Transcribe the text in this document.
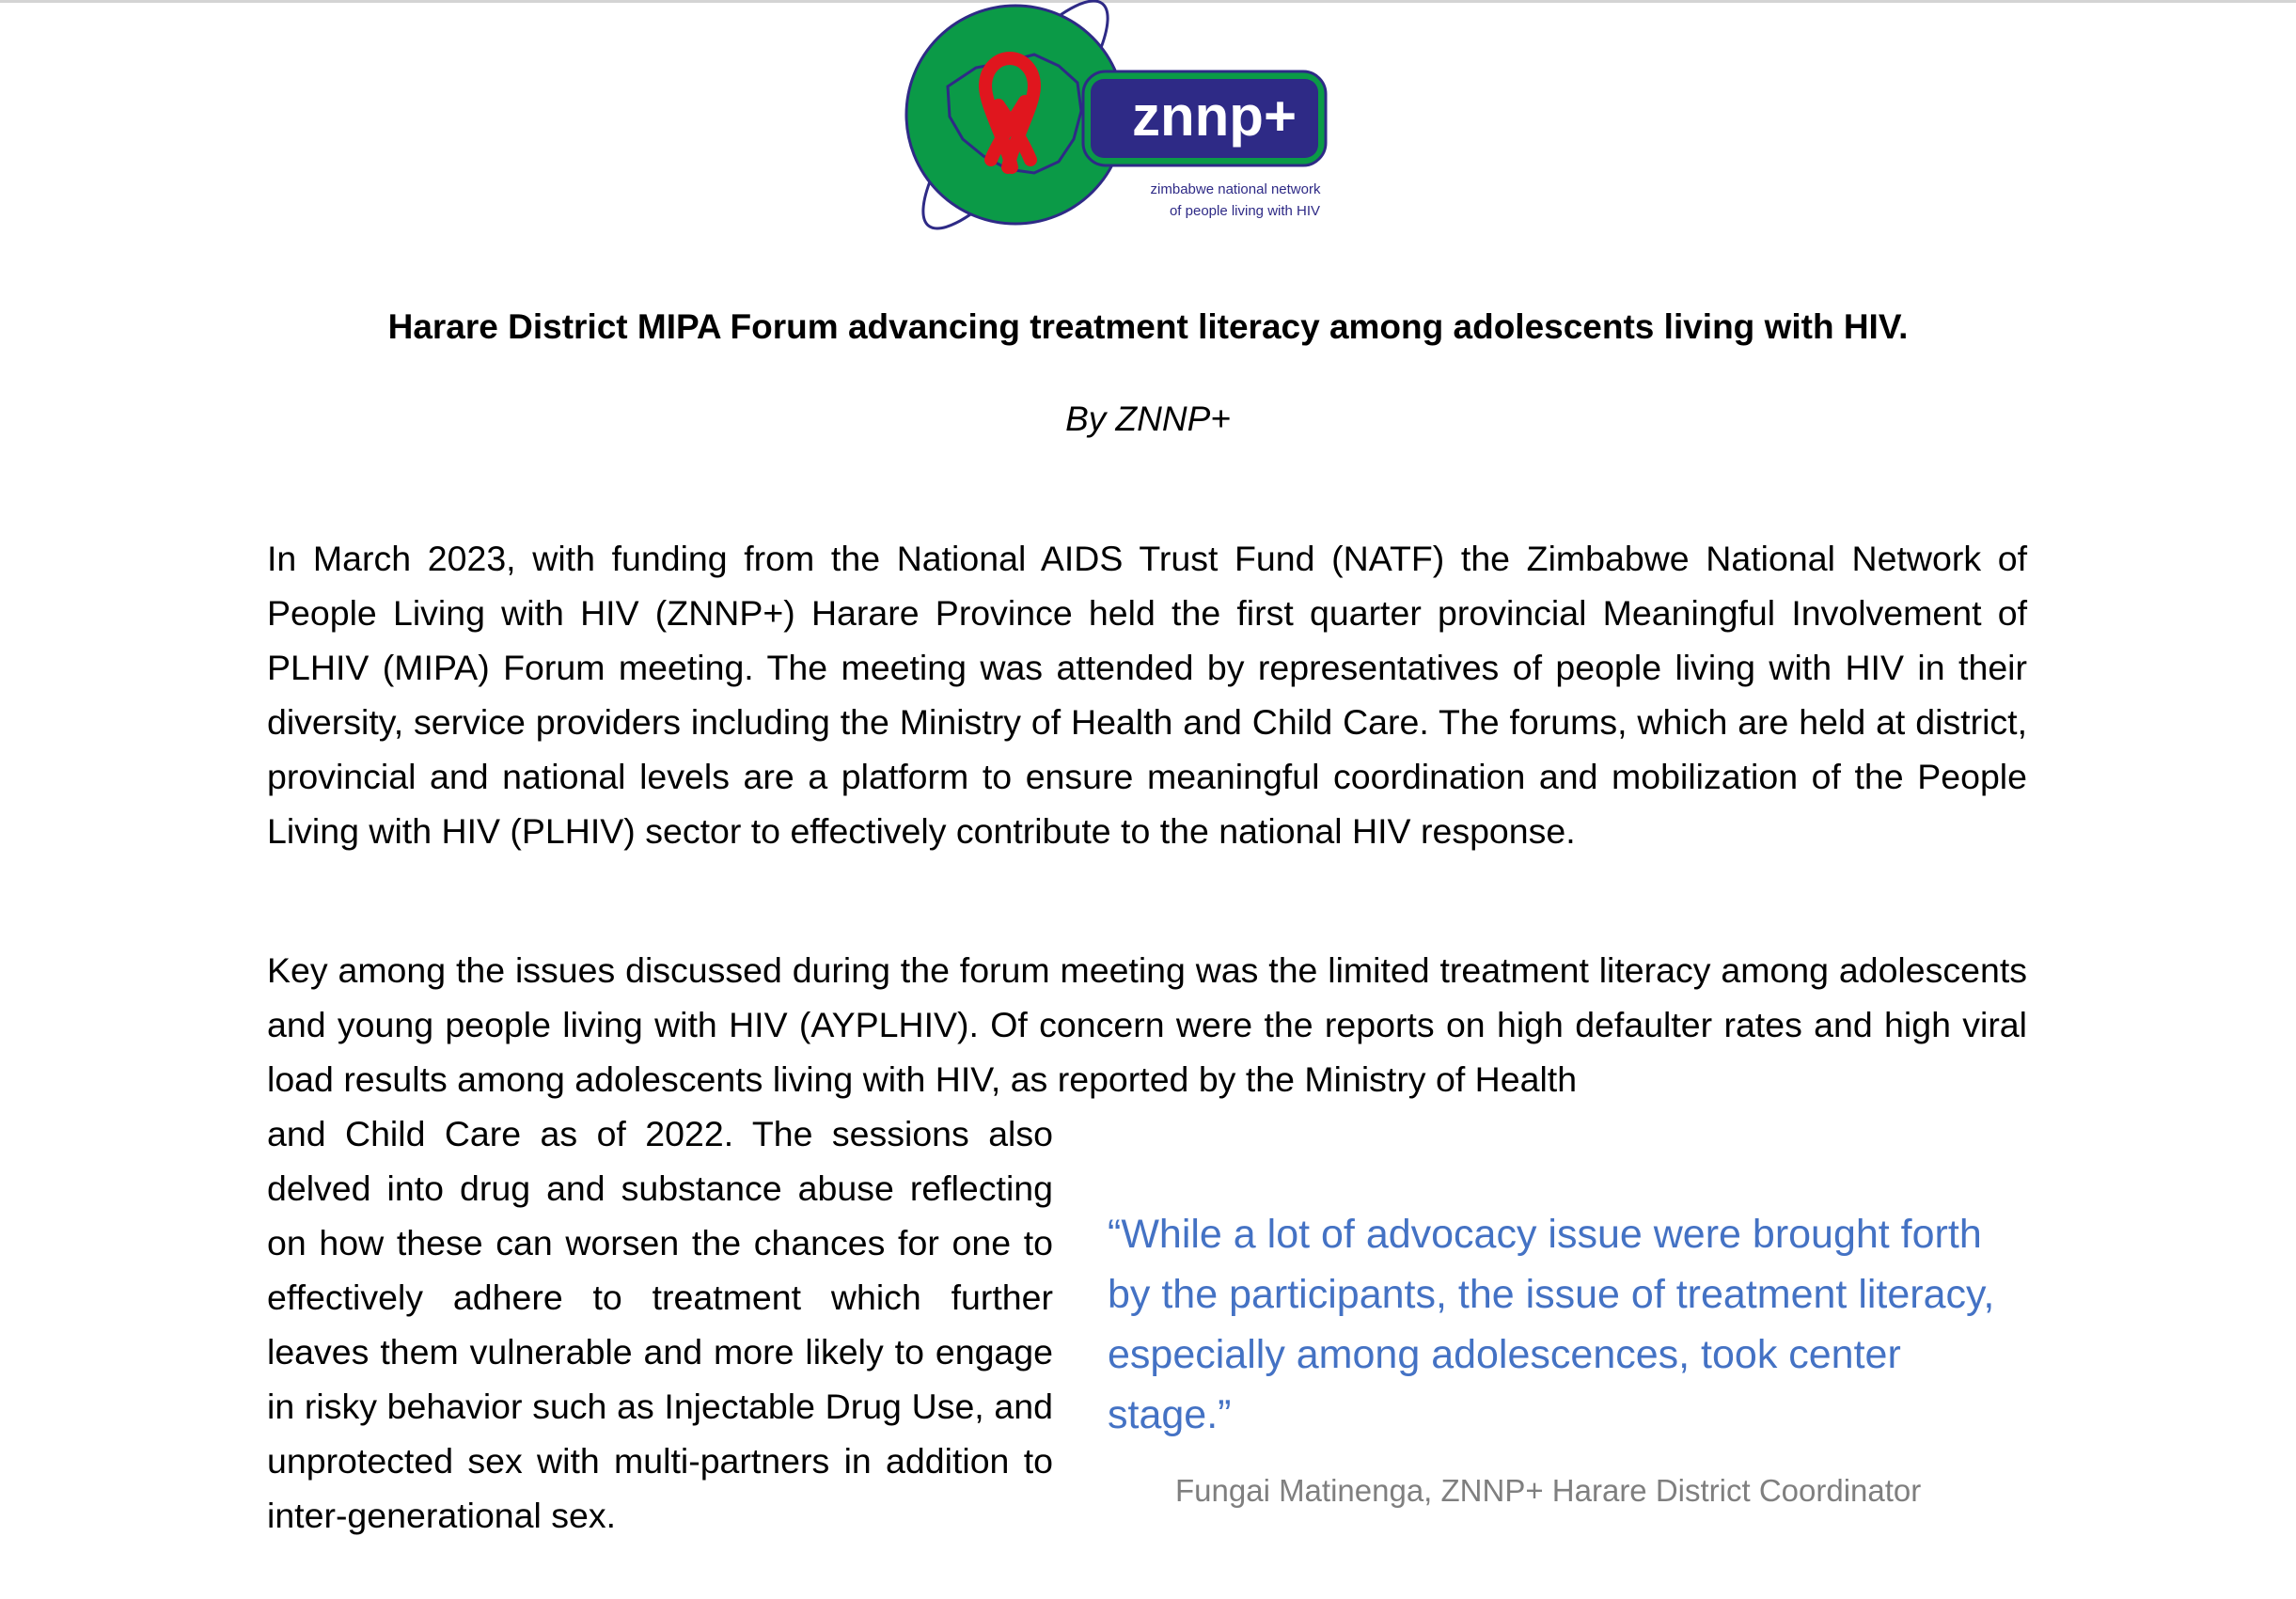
znnp+
zimbabwe national network
of people living with HIV
Harare District MIPA Forum advancing treatment literacy among adolescents living with HIV.
By ZNNP+

In March 2023, with funding from the National AIDS Trust Fund (NATF) the Zimbabwe National Network of People Living with HIV (ZNNP+) Harare Province held the first quarter provincial Meaningful Involvement of PLHIV (MIPA) Forum meeting. The meeting was attended by representatives of people living with HIV in their diversity, service providers including the Ministry of Health and Child Care. The forums, which are held at district, provincial and national levels are a platform to ensure meaningful coordination and mobilization of the People Living with HIV (PLHIV) sector to effectively contribute to the national HIV response.

Key among the issues discussed during the forum meeting was the limited treatment literacy among adolescents and young people living with HIV (AYPLHIV). Of concern were the reports on high defaulter rates and high viral load results among adolescents living with HIV, as reported by the Ministry of Health

and Child Care as of 2022. The sessions also delved into drug and substance abuse reflecting on how these can worsen the chances for one to effectively adhere to treatment which further leaves them vulnerable and more likely to engage in risky behavior such as Injectable Drug Use, and unprotected sex with multi-partners in addition to inter-generational sex.

“While a lot of advocacy issue were brought forth by the participants, the issue of treatment literacy, especially among adolescences, took center stage.”

Fungai Matinenga, ZNNP+ Harare District Coordinator
